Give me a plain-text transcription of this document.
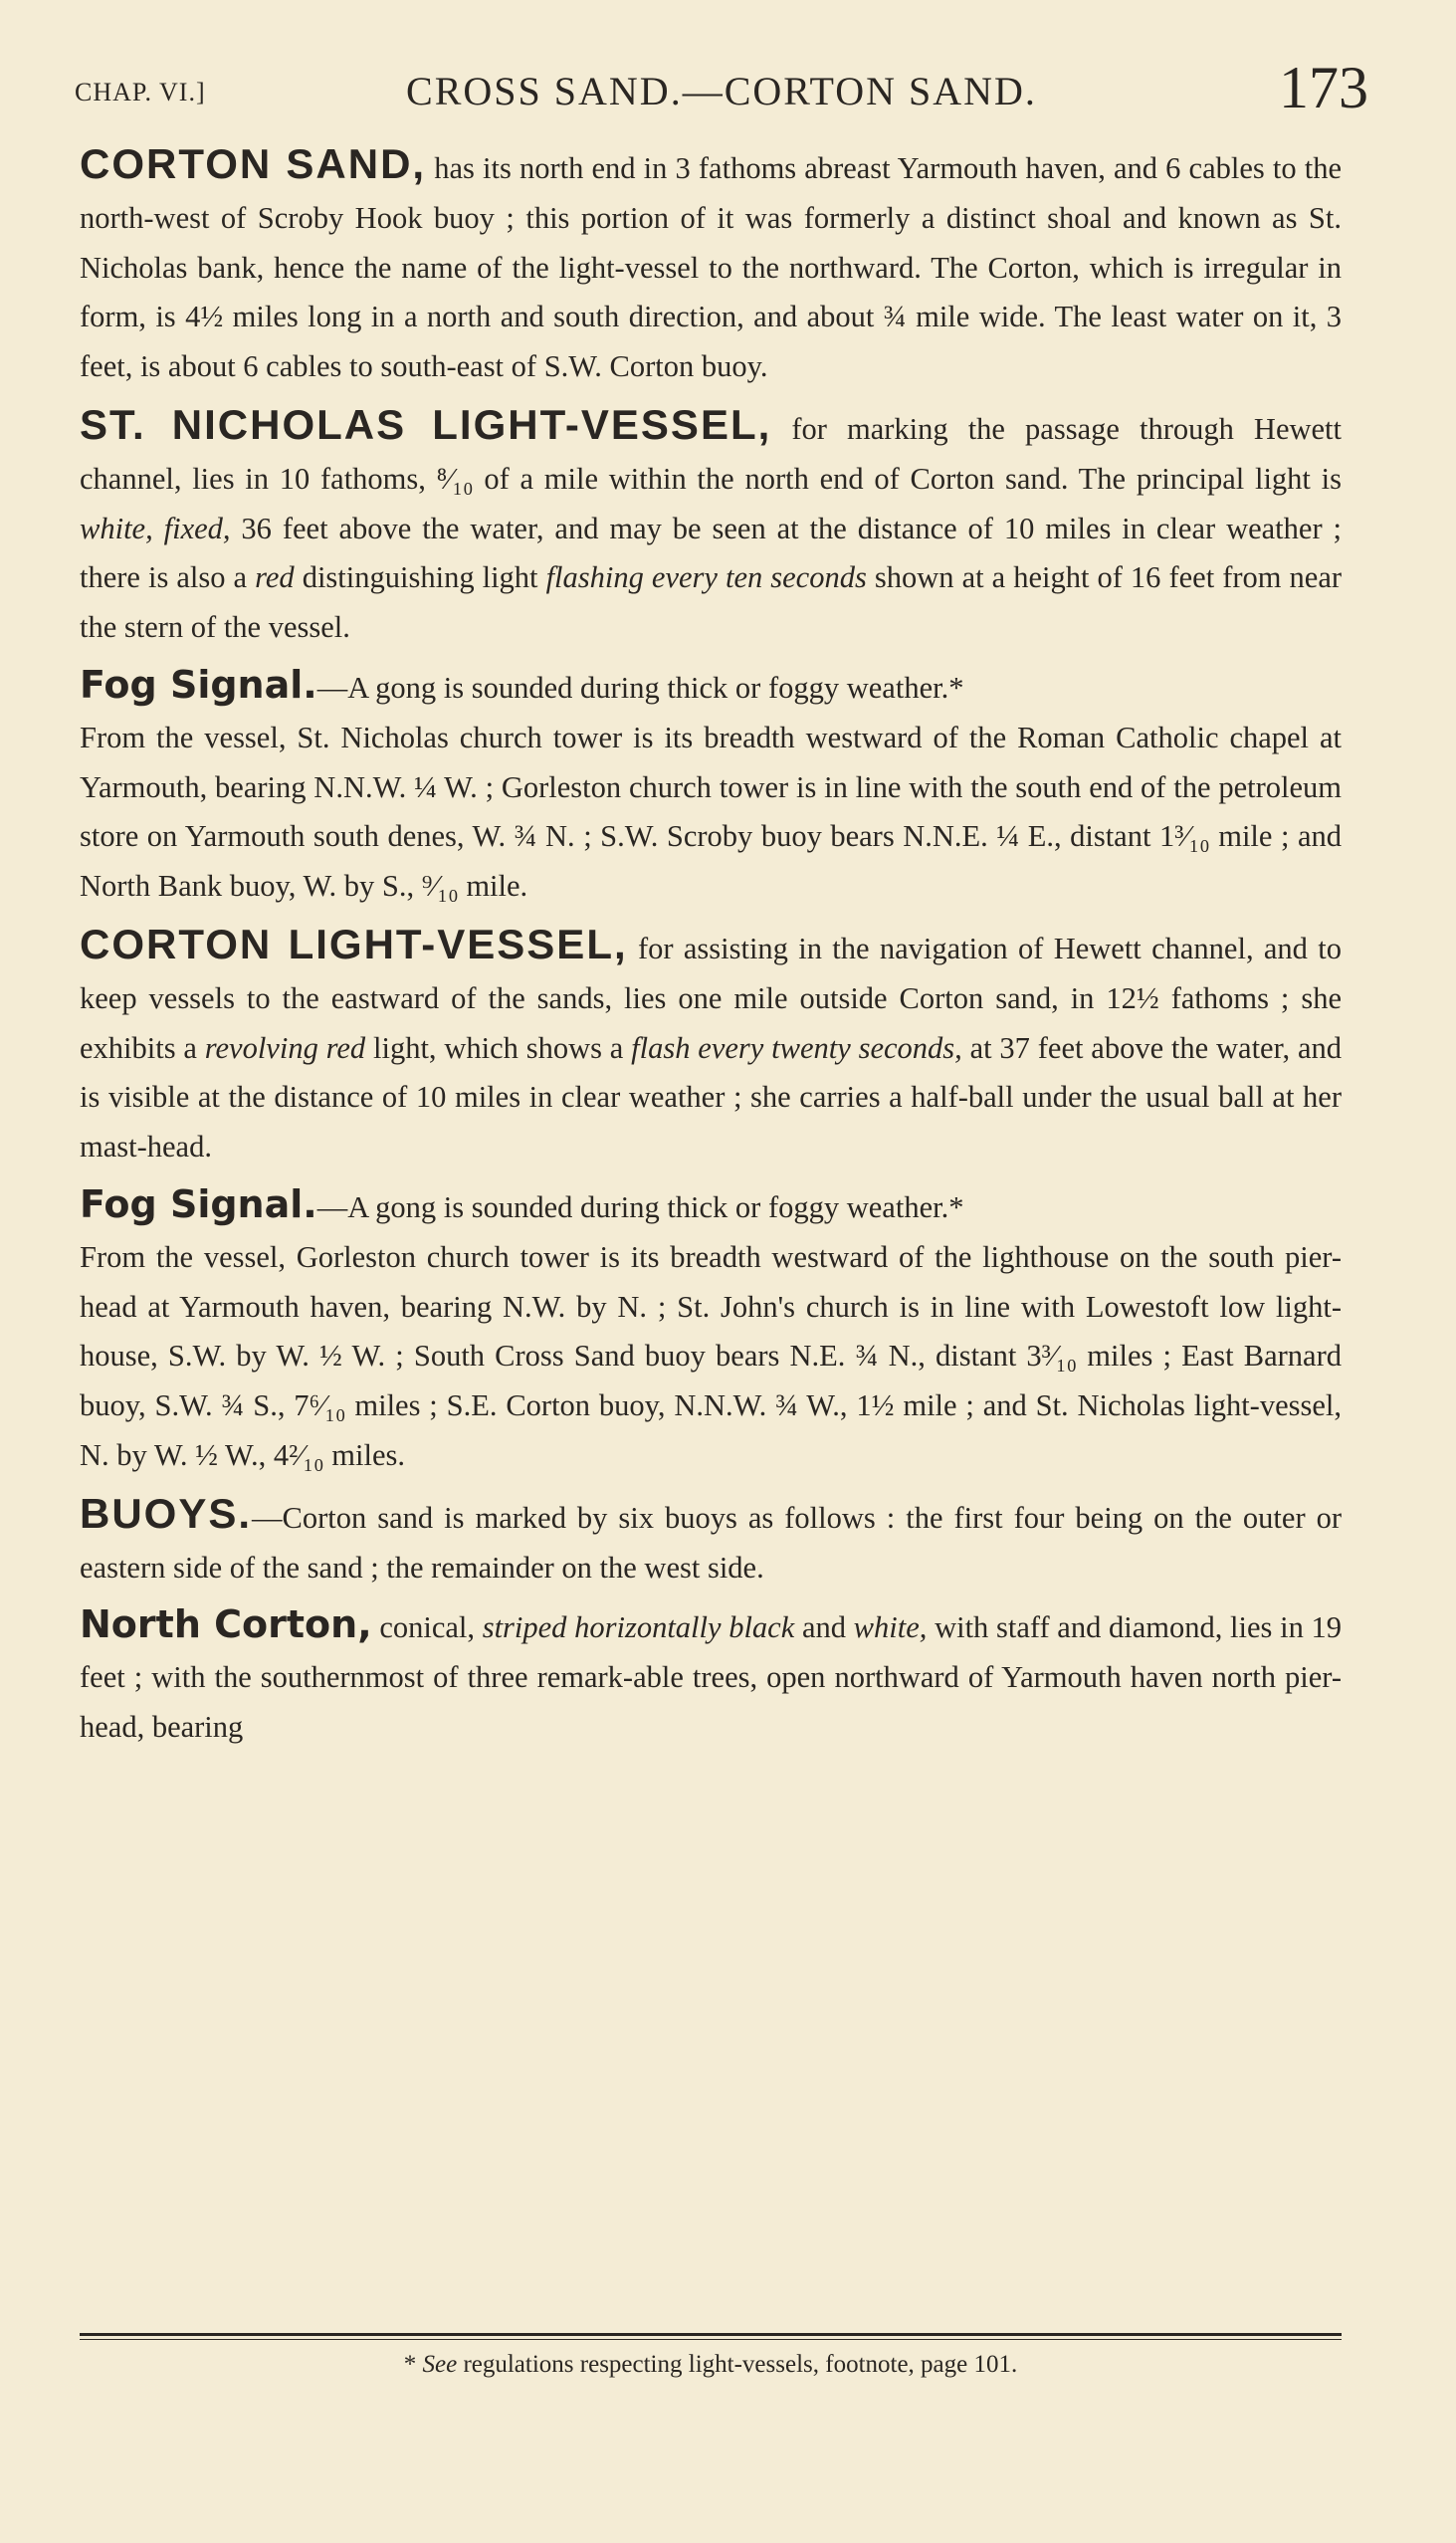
CHAP. VI.]	CROSS SAND.—CORTON SAND.	173

CORTON SAND, has its north end in 3 fathoms abreast Yarmouth haven, and 6 cables to the north-west of Scroby Hook buoy ; this portion of it was formerly a distinct shoal and known as St. Nicholas bank, hence the name of the light-vessel to the northward. The Corton, which is irregular in form, is 4½ miles long in a north and south direction, and about ¾ mile wide. The least water on it, 3 feet, is about 6 cables to south-east of S.W. Corton buoy.

ST. NICHOLAS LIGHT-VESSEL, for marking the passage through Hewett channel, lies in 10 fathoms, ⁸⁄₁₀ of a mile within the north end of Corton sand. The principal light is white, fixed, 36 feet above the water, and may be seen at the distance of 10 miles in clear weather ; there is also a red distinguishing light flashing every ten seconds shown at a height of 16 feet from near the stern of the vessel.

Fog Signal.—A gong is sounded during thick or foggy weather.*

From the vessel, St. Nicholas church tower is its breadth westward of the Roman Catholic chapel at Yarmouth, bearing N.N.W. ¼ W. ; Gorleston church tower is in line with the south end of the petroleum store on Yarmouth south denes, W. ¾ N. ; S.W. Scroby buoy bears N.N.E. ¼ E., distant 1³⁄₁₀ mile ; and North Bank buoy, W. by S., ⁹⁄₁₀ mile.

CORTON LIGHT-VESSEL, for assisting in the navigation of Hewett channel, and to keep vessels to the eastward of the sands, lies one mile outside Corton sand, in 12½ fathoms ; she exhibits a revolving red light, which shows a flash every twenty seconds, at 37 feet above the water, and is visible at the distance of 10 miles in clear weather ; she carries a half-ball under the usual ball at her mast-head.

Fog Signal.—A gong is sounded during thick or foggy weather.*

From the vessel, Gorleston church tower is its breadth westward of the lighthouse on the south pier-head at Yarmouth haven, bearing N.W. by N. ; St. John's church is in line with Lowestoft low light-house, S.W. by W. ½ W. ; South Cross Sand buoy bears N.E. ¾ N., distant 3³⁄₁₀ miles ; East Barnard buoy, S.W. ¾ S., 7⁶⁄₁₀ miles ; S.E. Corton buoy, N.N.W. ¾ W., 1½ mile ; and St. Nicholas light-vessel, N. by W. ½ W., 4²⁄₁₀ miles.

BUOYS.—Corton sand is marked by six buoys as follows : the first four being on the outer or eastern side of the sand ; the remainder on the west side.

North Corton, conical, striped horizontally black and white, with staff and diamond, lies in 19 feet ; with the southernmost of three remark-able trees, open northward of Yarmouth haven north pier-head, bearing

* See regulations respecting light-vessels, footnote, page 101.
